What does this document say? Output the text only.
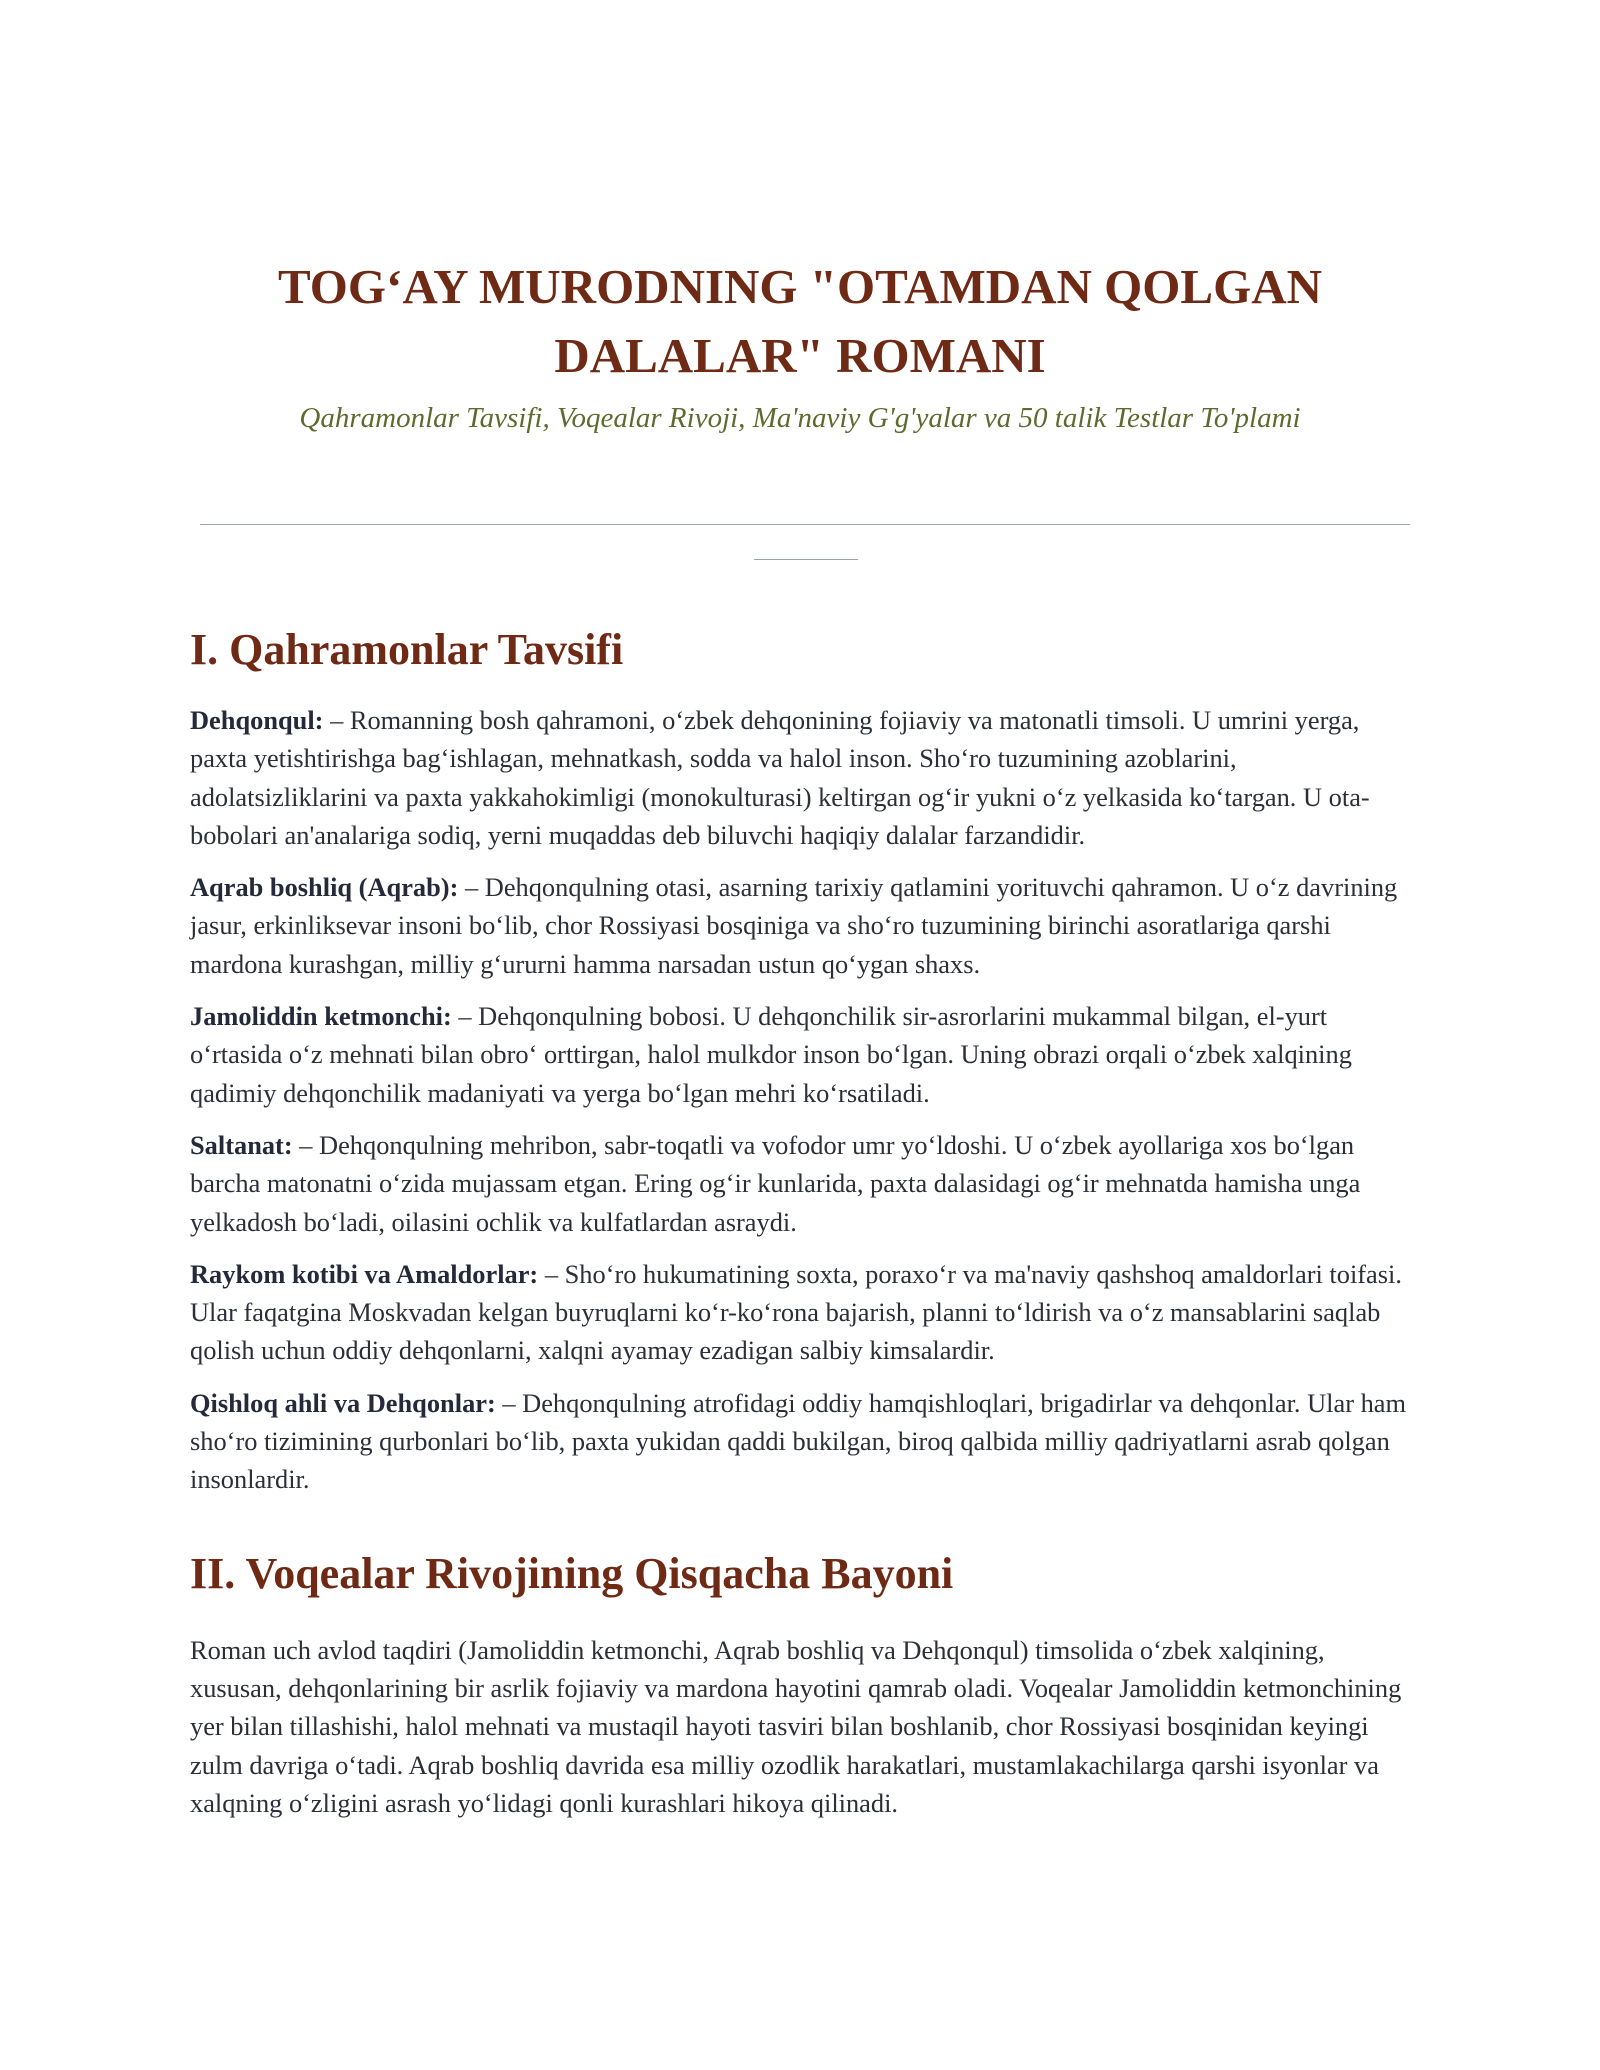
TOG‘AY MURODNING "OTAMDAN QOLGAN DALALAR" ROMANI

Qahramonlar Tavsifi, Voqealar Rivoji, Ma'naviy G'g'yalar va 50 talik Testlar To'plami

I. Qahramonlar Tavsifi

Dehqonqul: – Romanning bosh qahramoni, o‘zbek dehqonining fojiaviy va matonatli timsoli. U umrini yerga, paxta yetishtirishga bag‘ishlagan, mehnatkash, sodda va halol inson. Sho‘ro tuzumining azoblarini, adolatsizliklarini va paxta yakkahokimligi (monokulturasi) keltirgan og‘ir yukni o‘z yelkasida ko‘targan. U ota-bobolari an'analariga sodiq, yerni muqaddas deb biluvchi haqiqiy dalalar farzandidir.

Aqrab boshliq (Aqrab): – Dehqonqulning otasi, asarning tarixiy qatlamini yorituvchi qahramon. U o‘z davrining jasur, erkinliksevar insoni bo‘lib, chor Rossiyasi bosqiniga va sho‘ro tuzumining birinchi asoratlariga qarshi mardona kurashgan, milliy g‘ururni hamma narsadan ustun qo‘ygan shaxs.

Jamoliddin ketmonchi: – Dehqonqulning bobosi. U dehqonchilik sir-asrorlarini mukammal bilgan, el-yurt o‘rtasida o‘z mehnati bilan obro‘ orttirgan, halol mulkdor inson bo‘lgan. Uning obrazi orqali o‘zbek xalqining qadimiy dehqonchilik madaniyati va yerga bo‘lgan mehri ko‘rsatiladi.

Saltanat: – Dehqonqulning mehribon, sabr-toqatli va vofodor umr yo‘ldoshi. U o‘zbek ayollariga xos bo‘lgan barcha matonatni o‘zida mujassam etgan. Ering og‘ir kunlarida, paxta dalasidagi og‘ir mehnatda hamisha unga yelkadosh bo‘ladi, oilasini ochlik va kulfatlardan asraydi.

Raykom kotibi va Amaldorlar: – Sho‘ro hukumatining soxta, poraxo‘r va ma'naviy qashshoq amaldorlari toifasi. Ular faqatgina Moskvadan kelgan buyruqlarni ko‘r-ko‘rona bajarish, planni to‘ldirish va o‘z mansablarini saqlab qolish uchun oddiy dehqonlarni, xalqni ayamay ezadigan salbiy kimsalardir.

Qishloq ahli va Dehqonlar: – Dehqonqulning atrofidagi oddiy hamqishloqlari, brigadirlar va dehqonlar. Ular ham sho‘ro tizimining qurbonlari bo‘lib, paxta yukidan qaddi bukilgan, biroq qalbida milliy qadriyatlarni asrab qolgan insonlardir.

II. Voqealar Rivojining Qisqacha Bayoni

Roman uch avlod taqdiri (Jamoliddin ketmonchi, Aqrab boshliq va Dehqonqul) timsolida o‘zbek xalqining, xususan, dehqonlarining bir asrlik fojiaviy va mardona hayotini qamrab oladi. Voqealar Jamoliddin ketmonchining yer bilan tillashishi, halol mehnati va mustaqil hayoti tasviri bilan boshlanib, chor Rossiyasi bosqinidan keyingi zulm davriga o‘tadi. Aqrab boshliq davrida esa milliy ozodlik harakatlari, mustamlakachilarga qarshi isyonlar va xalqning o‘zligini asrash yo‘lidagi qonli kurashlari hikoya qilinadi.
